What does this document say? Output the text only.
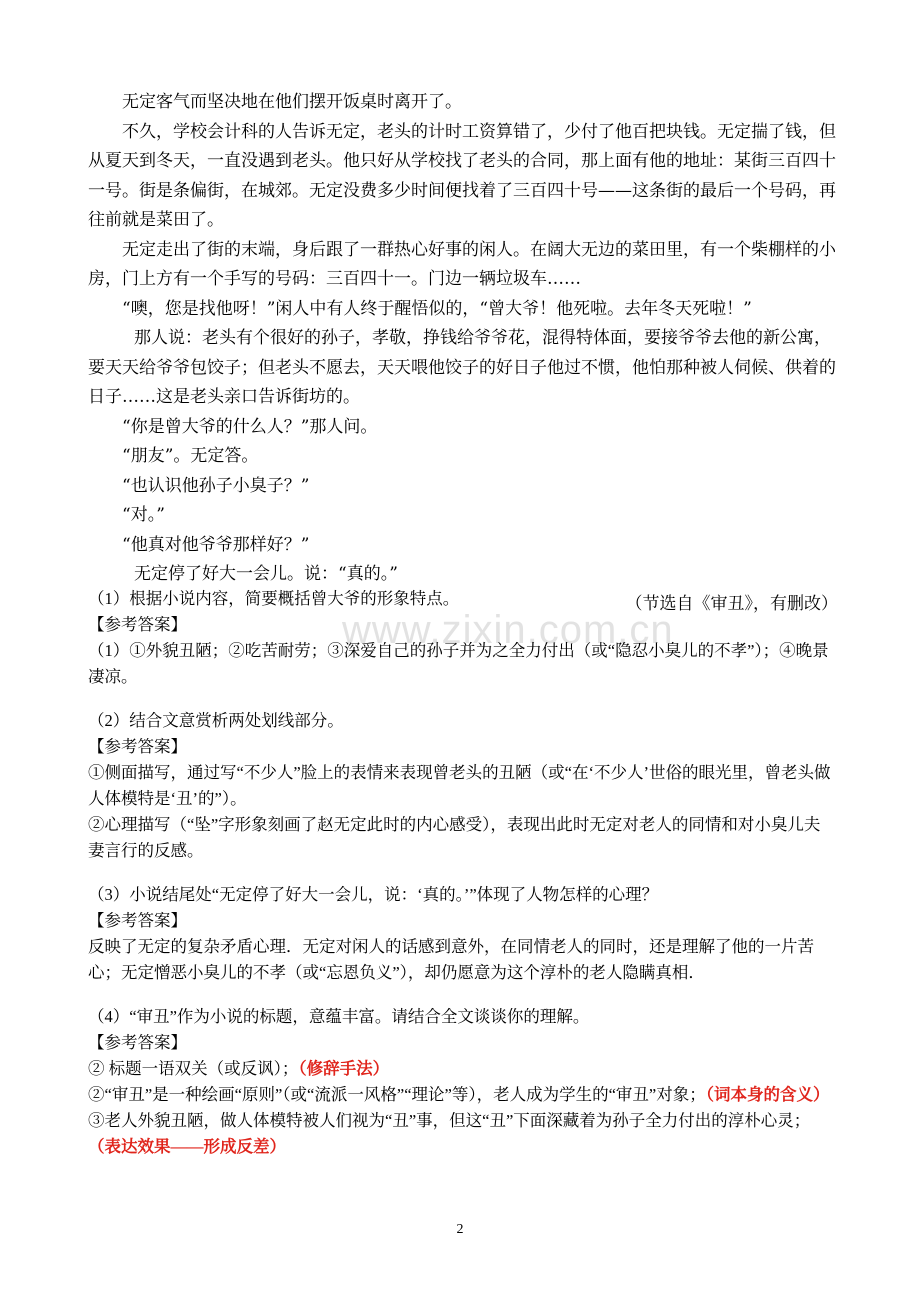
www.zixin.com.cn

无定客气而坚决地在他们摆开饭桌时离开了。

不久，学校会计科的人告诉无定，老头的计时工资算错了，少付了他百把块钱。无定揣了钱，但从夏天到冬天，一直没遇到老头。他只好从学校找了老头的合同，那上面有他的地址：某街三百四十一号。街是条偏街，在城郊。无定没费多少时间便找着了三百四十号——这条街的最后一个号码，再往前就是菜田了。

无定走出了街的末端，身后跟了一群热心好事的闲人。在阔大无边的菜田里，有一个柴棚样的小房，门上方有一个手写的号码：三百四十一。门边一辆垃圾车……

“噢，您是找他呀！”闲人中有人终于醒悟似的，“曾大爷！他死啦。去年冬天死啦！”

那人说：老头有个很好的孙子，孝敬，挣钱给爷爷花，混得特体面，要接爷爷去他的新公寓，要天天给爷爷包饺子；但老头不愿去，天天喂他饺子的好日子他过不惯，他怕那种被人伺候、供着的日子……这是老头亲口告诉街坊的。

“你是曾大爷的什么人？”那人问。

“朋友”。无定答。

“也认识他孙子小臭子？”

“对。”

“他真对他爷爷那样好？”

无定停了好大一会儿。说：“真的。”

（节选自《审丑》，有删改）

（1）根据小说内容，简要概括曾大爷的形象特点。

【参考答案】

（1）①外貌丑陋；②吃苦耐劳；③深爱自己的孙子并为之全力付出（或“隐忍小臭儿的不孝”）；④晚景凄凉。

（2）结合文意赏析两处划线部分。

【参考答案】

①侧面描写，通过写“不少人”脸上的表情来表现曾老头的丑陋（或“在‘不少人’世俗的眼光里，曾老头做人体模特是‘丑’的”）。

②心理描写（“坠”字形象刻画了赵无定此时的内心感受），表现出此时无定对老人的同情和对小臭儿夫妻言行的反感。

（3）小说结尾处“无定停了好大一会儿，说：‘真的。’”体现了人物怎样的心理？

【参考答案】

反映了无定的复杂矛盾心理．无定对闲人的话感到意外，在同情老人的同时，还是理解了他的一片苦心；无定憎恶小臭儿的不孝（或“忘恩负义”），却仍愿意为这个淳朴的老人隐瞒真相．

（4）“审丑”作为小说的标题，意蕴丰富。请结合全文谈谈你的理解。

【参考答案】

② 标题一语双关（或反讽）；（修辞手法）

②“审丑”是一种绘画“原则”（或“流派一风格”“理论”等），老人成为学生的“审丑”对象；（词本身的含义）

③老人外貌丑陋，做人体模特被人们视为“丑”事，但这“丑”下面深藏着为孙子全力付出的淳朴心灵；（表达效果——形成反差）

2
